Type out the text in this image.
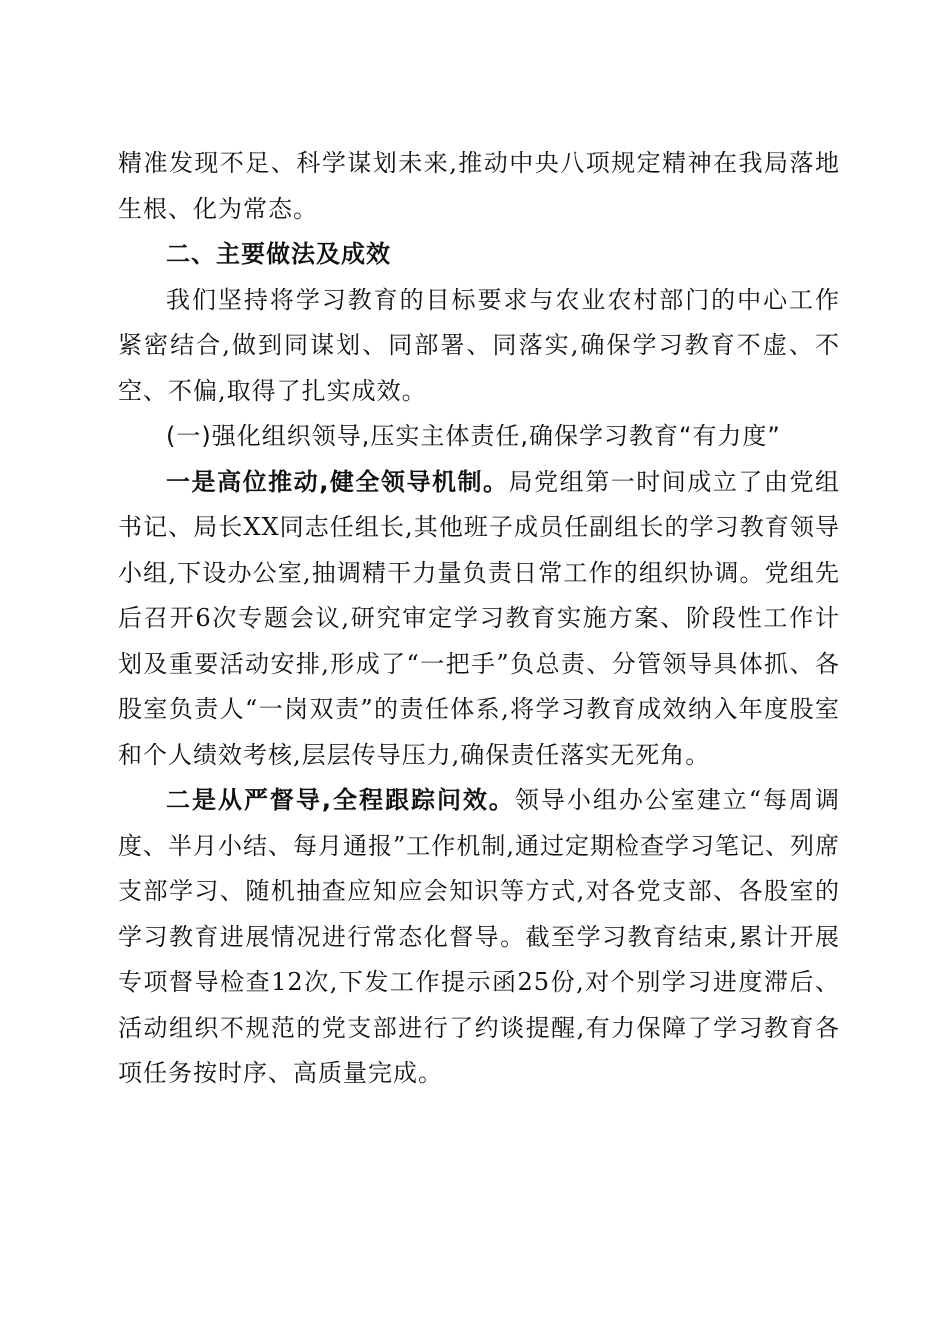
精准发现不足、科学谋划未来,推动中央八项规定精神在我局落地生根、化为常态。

二、主要做法及成效

我们坚持将学习教育的目标要求与农业农村部门的中心工作紧密结合,做到同谋划、同部署、同落实,确保学习教育不虚、不空、不偏,取得了扎实成效。

(一)强化组织领导,压实主体责任,确保学习教育“有力度”

一是高位推动,健全领导机制。局党组第一时间成立了由党组书记、局长XX同志任组长,其他班子成员任副组长的学习教育领导小组,下设办公室,抽调精干力量负责日常工作的组织协调。党组先后召开6次专题会议,研究审定学习教育实施方案、阶段性工作计划及重要活动安排,形成了“一把手”负总责、分管领导具体抓、各股室负责人“一岗双责”的责任体系,将学习教育成效纳入年度股室和个人绩效考核,层层传导压力,确保责任落实无死角。

二是从严督导,全程跟踪问效。领导小组办公室建立“每周调度、半月小结、每月通报”工作机制,通过定期检查学习笔记、列席支部学习、随机抽查应知应会知识等方式,对各党支部、各股室的学习教育进展情况进行常态化督导。截至学习教育结束,累计开展专项督导检查12次,下发工作提示函25份,对个别学习进度滞后、活动组织不规范的党支部进行了约谈提醒,有力保障了学习教育各项任务按时序、高质量完成。
